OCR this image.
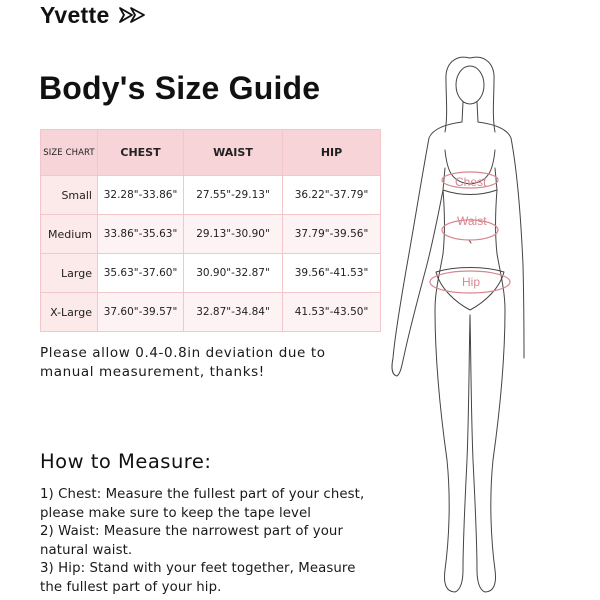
Yvette
Body's Size Guide
SIZE CHART	CHEST	WAIST	HIP
Small	32.28"-33.86"	27.55"-29.13"	36.22"-37.79"
Medium	33.86"-35.63"	29.13"-30.90"	37.79"-39.56"
Large	35.63"-37.60"	30.90"-32.87"	39.56"-41.53"
X-Large	37.60"-39.57"	32.87"-34.84"	41.53"-43.50"

Please allow 0.4-0.8in deviation due to

manual measurement, thanks!

How to Measure:

1) Chest: Measure the fullest part of your chest,

please make sure to keep the tape level

2) Waist: Measure the narrowest part of your

natural waist.

3) Hip: Stand with your feet together, Measure

the fullest part of your hip.

Chest
Waist
Hip
